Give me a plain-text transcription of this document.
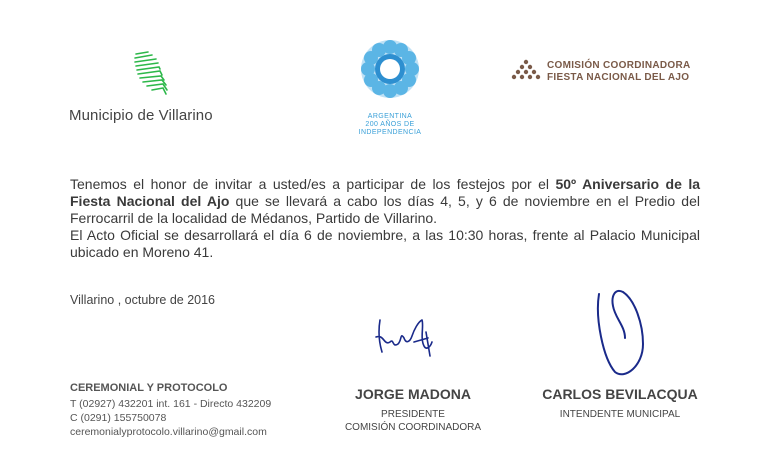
Municipio de Villarino	ARGENTINA
200 AÑOS DE
INDEPENDENCIA
COMISIÓN COORDINADORA
FIESTA NACIONAL DEL AJO

Tenemos el honor de invitar a usted/es a participar de los festejos por el 50º Aniversario de la Fiesta Nacional del Ajo que se llevará a cabo los días 4, 5, y 6 de noviembre en el Predio del Ferrocarril de la localidad de Médanos, Partido de Villarino.

El Acto Oficial se desarrollará el día 6 de noviembre, a las 10:30 horas, frente al Palacio Municipal ubicado en Moreno 41.

Villarino , octubre de 2016
CEREMONIAL Y PROTOCOLO
T (02927) 432201 int. 161 - Directo 432209
C (0291) 155750078
ceremonialyprotocolo.villarino@gmail.com
JORGE MADONA
PRESIDENTE
COMISIÓN COORDINADORA
CARLOS BEVILACQUA
INTENDENTE MUNICIPAL
